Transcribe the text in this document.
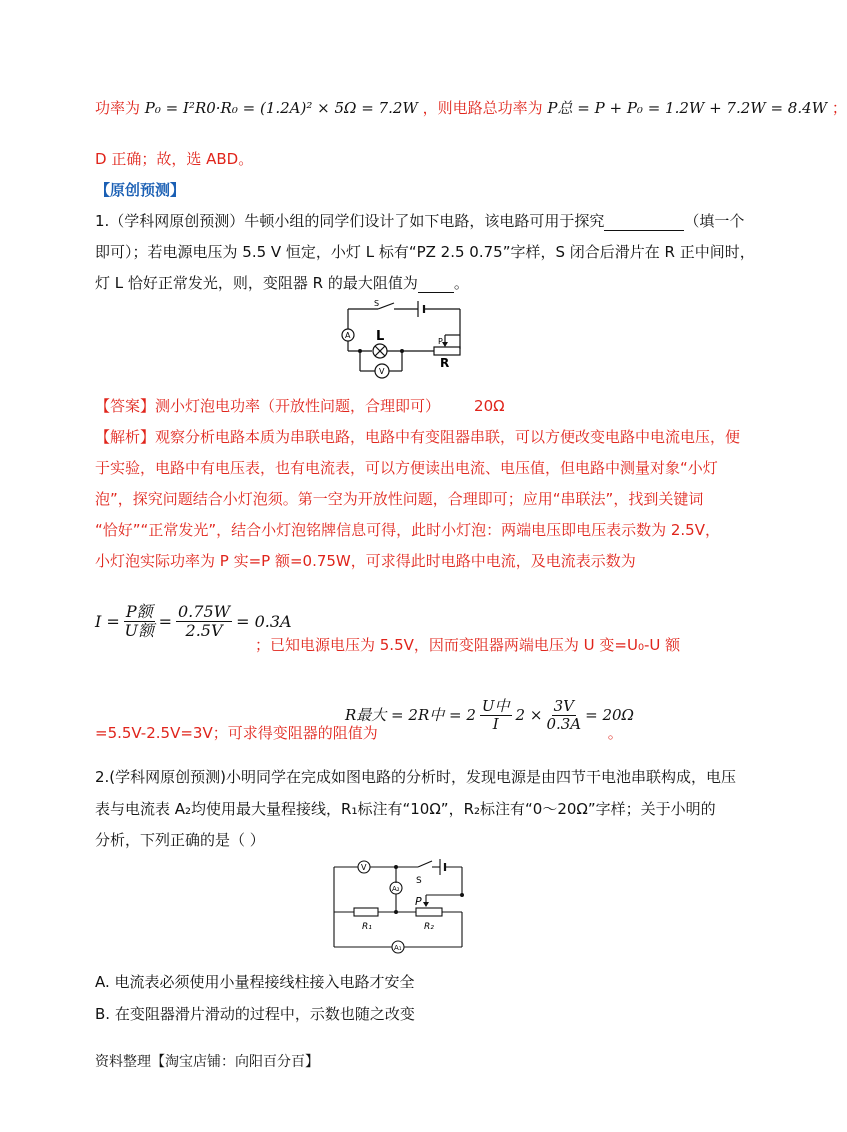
功率为 P₀ = I²R0·R₀ = (1.2A)² × 5Ω = 7.2W ，则电路总功率为 P总 = P + P₀ = 1.2W + 7.2W = 8.4W ；
D 正确；故，选 ABD。
【原创预测】
1.（学科网原创预测）牛顿小组的同学们设计了如下电路，该电路可用于探究	（填一个
即可）；若电源电压为 5.5 V 恒定，小灯 L 标有“PZ 2.5 0.75”字样，S 闭合后滑片在 R 正中间时，
灯 L 恰好正常发光，则，变阻器 R 的最大阻值为 。
S
L	P
R
A
V
【答案】测小灯泡电功率（开放性问题，合理即可） 20Ω
【解析】观察分析电路本质为串联电路，电路中有变阻器串联，可以方便改变电路中电流电压，便
于实验，电路中有电压表，也有电流表，可以方便读出电流、电压值，但电路中测量对象“小灯
泡”，探究问题结合小灯泡须。第一空为开放性问题，合理即可；应用“串联法”，找到关键词
“恰好”“正常发光”，结合小灯泡铭牌信息可得，此时小灯泡：两端电压即电压表示数为 2.5V，
小灯泡实际功率为 P 实=P 额=0.75W，可求得此时电路中电流，及电流表示数为
$I = \frac{\text{P额}}{\text{U额}} = \frac{0.75W}{2.5V} = 0.3A$
；已知电源电压为 5.5V，因而变阻器两端电压为 U 变=U₀-U 额
R最大 = 2R中 = $2 \frac{\text{U中}}{I} 2 \times \frac{3V}{0.3A} = 20\Omega$
=5.5V-2.5V=3V；可求得变阻器的阻值为	。
2.(学科网原创预测)小明同学在完成如图电路的分析时，发现电源是由四节干电池串联构成，电压
表与电流表 A₂均使用最大量程接线，R₁标注有“10Ω”，R₂标注有“0～20Ω”字样；关于小明的
分析，下列正确的是（ ）
V
S
A₂
P
R₁	R₂
A₁
A. 电流表必须使用小量程接线柱接入电路才安全
B. 在变阻器滑片滑动的过程中，示数也随之改变
资料整理【淘宝店铺：向阳百分百】
